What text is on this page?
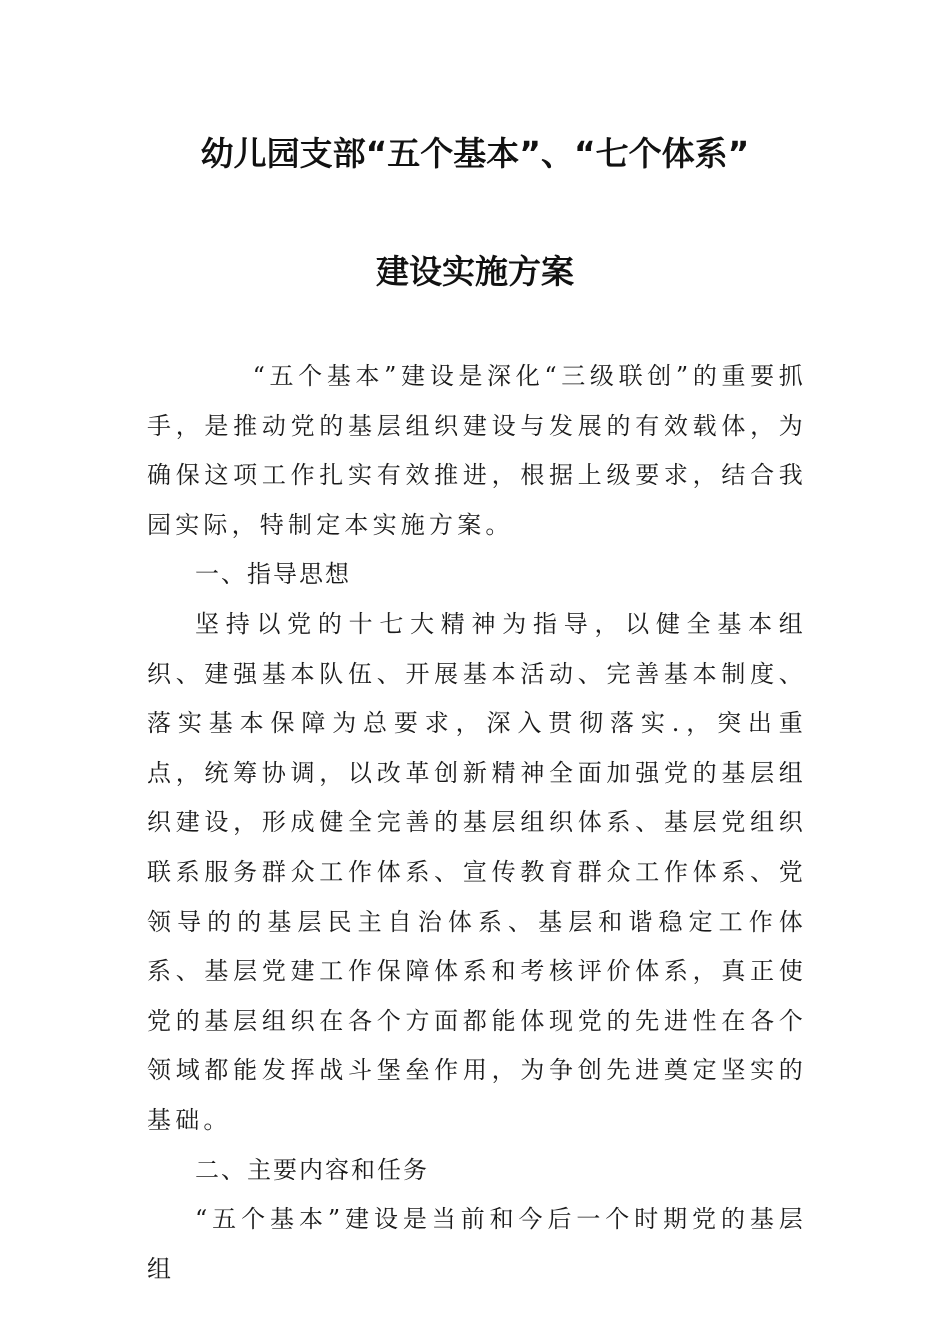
幼儿园支部“五个基本”、“七个体系”
建设实施方案

“五个基本”建设是深化“三级联创”的重要抓手，是推动党的基层组织建设与发展的有效载体，为确保这项工作扎实有效推进，根据上级要求，结合我园实际，特制定本实施方案。

一、指导思想

坚持以党的十七大精神为指导，以健全基本组织、建强基本队伍、开展基本活动、完善基本制度、落实基本保障为总要求，深入贯彻落实.，突出重点，统筹协调，以改革创新精神全面加强党的基层组织建设，形成健全完善的基层组织体系、基层党组织联系服务群众工作体系、宣传教育群众工作体系、党领导的的基层民主自治体系、基层和谐稳定工作体系、基层党建工作保障体系和考核评价体系，真正使党的基层组织在各个方面都能体现党的先进性在各个领域都能发挥战斗堡垒作用，为争创先进奠定坚实的基础。

二、主要内容和任务

“五个基本”建设是当前和今后一个时期党的基层组
